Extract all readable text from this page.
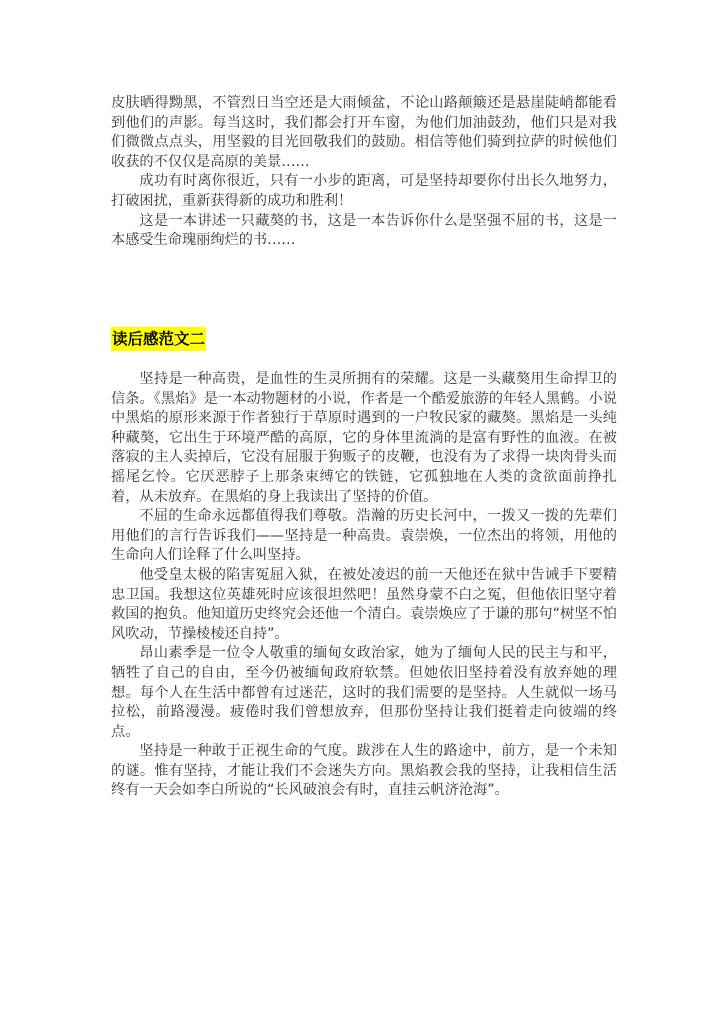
皮肤晒得黝黑，不管烈日当空还是大雨倾盆，不论山路颠簸还是悬崖陡峭都能看到他们的声影。每当这时，我们都会打开车窗，为他们加油鼓劲，他们只是对我们微微点点头，用坚毅的目光回敬我们的鼓励。相信等他们骑到拉萨的时候他们收获的不仅仅是高原的美景……

成功有时离你很近，只有一小步的距离，可是坚持却要你付出长久地努力，打破困扰，重新获得新的成功和胜利！

这是一本讲述一只藏獒的书，这是一本告诉你什么是坚强不屈的书，这是一本感受生命瑰丽绚烂的书……

读后感范文二

坚持是一种高贵，是血性的生灵所拥有的荣耀。这是一头藏獒用生命捍卫的信条。《黑焰》是一本动物题材的小说，作者是一个酷爱旅游的年轻人黑鹤。小说中黑焰的原形来源于作者独行于草原时遇到的一户牧民家的藏獒。黑焰是一头纯种藏獒，它出生于环境严酷的高原，它的身体里流淌的是富有野性的血液。在被落寂的主人卖掉后，它没有屈服于狗贩子的皮鞭，也没有为了求得一块肉骨头而摇尾乞怜。它厌恶脖子上那条束缚它的铁链，它孤独地在人类的贪欲面前挣扎着，从未放弃。在黑焰的身上我读出了坚持的价值。

不屈的生命永远都值得我们尊敬。浩瀚的历史长河中，一拨又一拨的先辈们用他们的言行告诉我们——坚持是一种高贵。袁崇焕，一位杰出的将领，用他的生命向人们诠释了什么叫坚持。

他受皇太极的陷害冤屈入狱，在被处凌迟的前一天他还在狱中告诫手下要精忠卫国。我想这位英雄死时应该很坦然吧！虽然身蒙不白之冤，但他依旧坚守着救国的抱负。他知道历史终究会还他一个清白。袁崇焕应了于谦的那句“树坚不怕风吹动，节操棱棱还自持”。

昂山素季是一位令人敬重的缅甸女政治家，她为了缅甸人民的民主与和平，牺牲了自己的自由，至今仍被缅甸政府软禁。但她依旧坚持着没有放弃她的理想。每个人在生活中都曾有过迷茫，这时的我们需要的是坚持。人生就似一场马拉松，前路漫漫。疲倦时我们曾想放弃，但那份坚持让我们挺着走向彼端的终点。

坚持是一种敢于正视生命的气度。跋涉在人生的路途中，前方，是一个未知的谜。惟有坚持，才能让我们不会迷失方向。黑焰教会我的坚持，让我相信生活终有一天会如李白所说的“长风破浪会有时，直挂云帆济沧海”。
